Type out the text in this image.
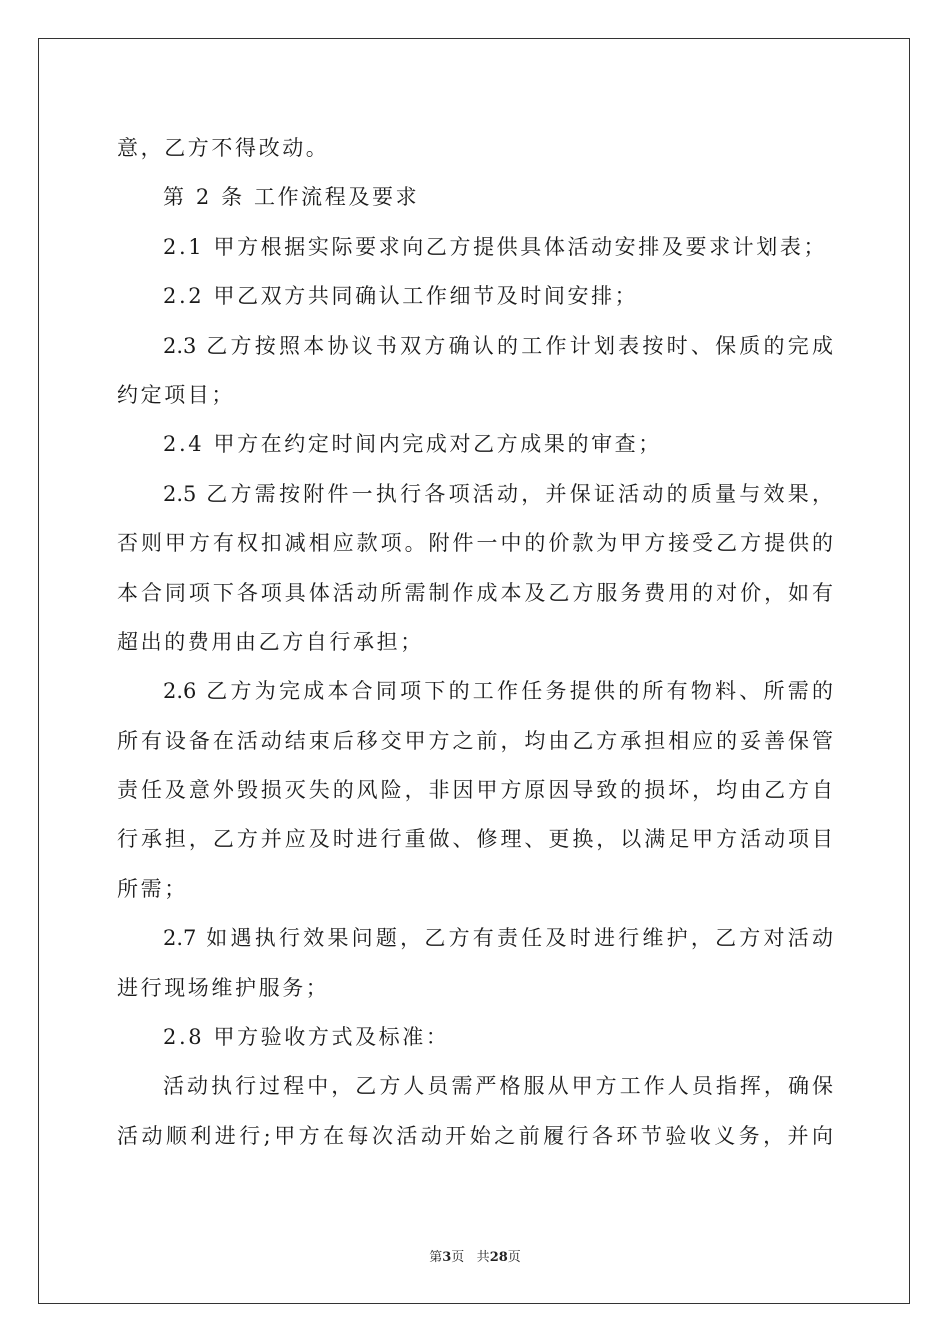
意，乙方不得改动。
第 2 条 工作流程及要求
2.1 甲方根据实际要求向乙方提供具体活动安排及要求计划表；
2.2 甲乙双方共同确认工作细节及时间安排；
2.3 乙方按照本协议书双方确认的工作计划表按时、保质的完成
约定项目；
2.4 甲方在约定时间内完成对乙方成果的审查；
2.5 乙方需按附件一执行各项活动，并保证活动的质量与效果，
否则甲方有权扣减相应款项。附件一中的价款为甲方接受乙方提供的
本合同项下各项具体活动所需制作成本及乙方服务费用的对价，如有
超出的费用由乙方自行承担；
2.6 乙方为完成本合同项下的工作任务提供的所有物料、所需的
所有设备在活动结束后移交甲方之前，均由乙方承担相应的妥善保管
责任及意外毁损灭失的风险，非因甲方原因导致的损坏，均由乙方自
行承担，乙方并应及时进行重做、修理、更换，以满足甲方活动项目
所需；
2.7 如遇执行效果问题，乙方有责任及时进行维护，乙方对活动
进行现场维护服务；
2.8 甲方验收方式及标准：
活动执行过程中，乙方人员需严格服从甲方工作人员指挥，确保
活动顺利进行;甲方在每次活动开始之前履行各环节验收义务，并向
第3页 共28页
